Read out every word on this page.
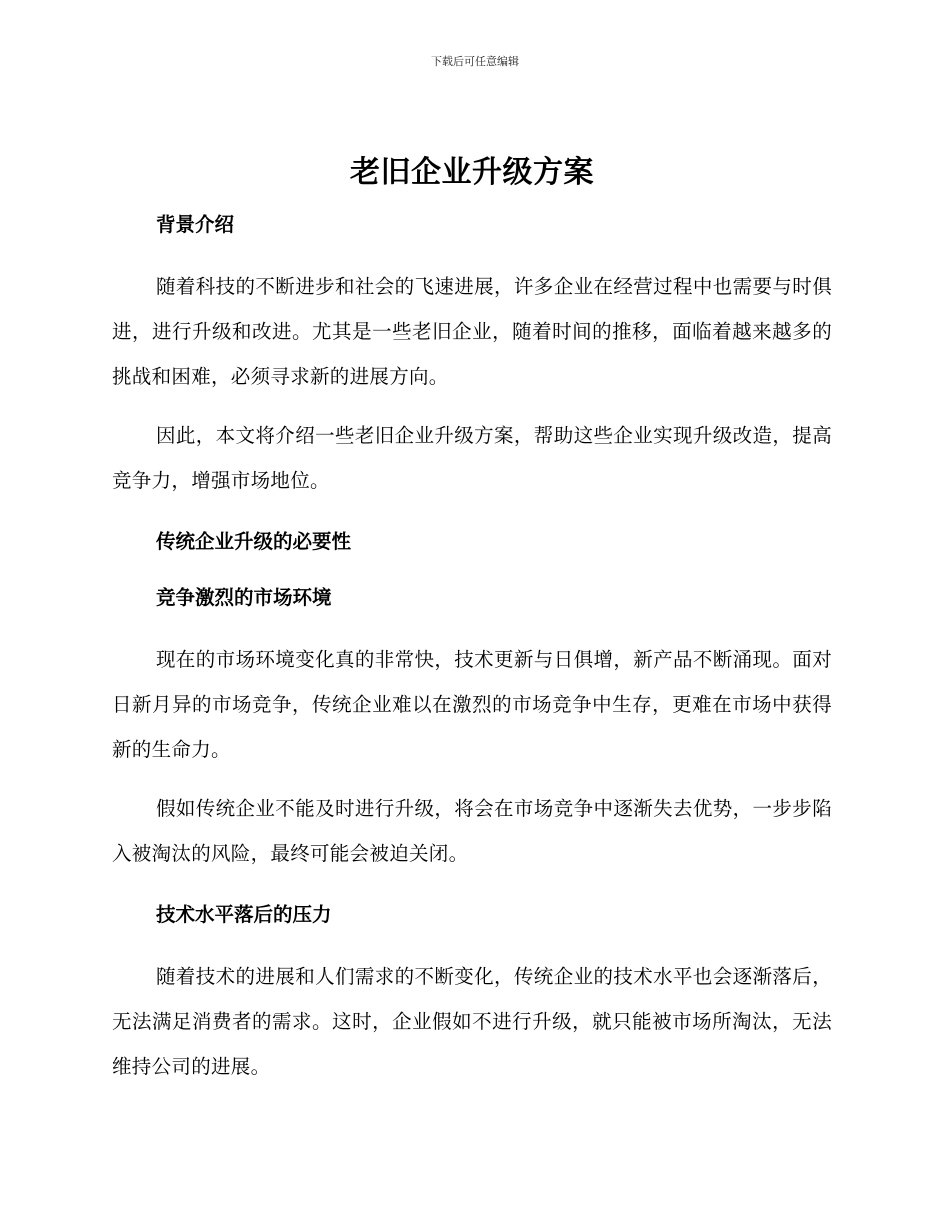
下载后可任意编辑
老旧企业升级方案
背景介绍

随着科技的不断进步和社会的飞速进展，许多企业在经营过程中也需要与时俱进，进行升级和改进。尤其是一些老旧企业，随着时间的推移，面临着越来越多的挑战和困难，必须寻求新的进展方向。

因此，本文将介绍一些老旧企业升级方案，帮助这些企业实现升级改造，提高竞争力，增强市场地位。

传统企业升级的必要性
竞争激烈的市场环境

现在的市场环境变化真的非常快，技术更新与日俱增，新产品不断涌现。面对日新月异的市场竞争，传统企业难以在激烈的市场竞争中生存，更难在市场中获得新的生命力。

假如传统企业不能及时进行升级，将会在市场竞争中逐渐失去优势，一步步陷入被淘汰的风险，最终可能会被迫关闭。

技术水平落后的压力

随着技术的进展和人们需求的不断变化，传统企业的技术水平也会逐渐落后，无法满足消费者的需求。这时，企业假如不进行升级，就只能被市场所淘汰，无法维持公司的进展。
